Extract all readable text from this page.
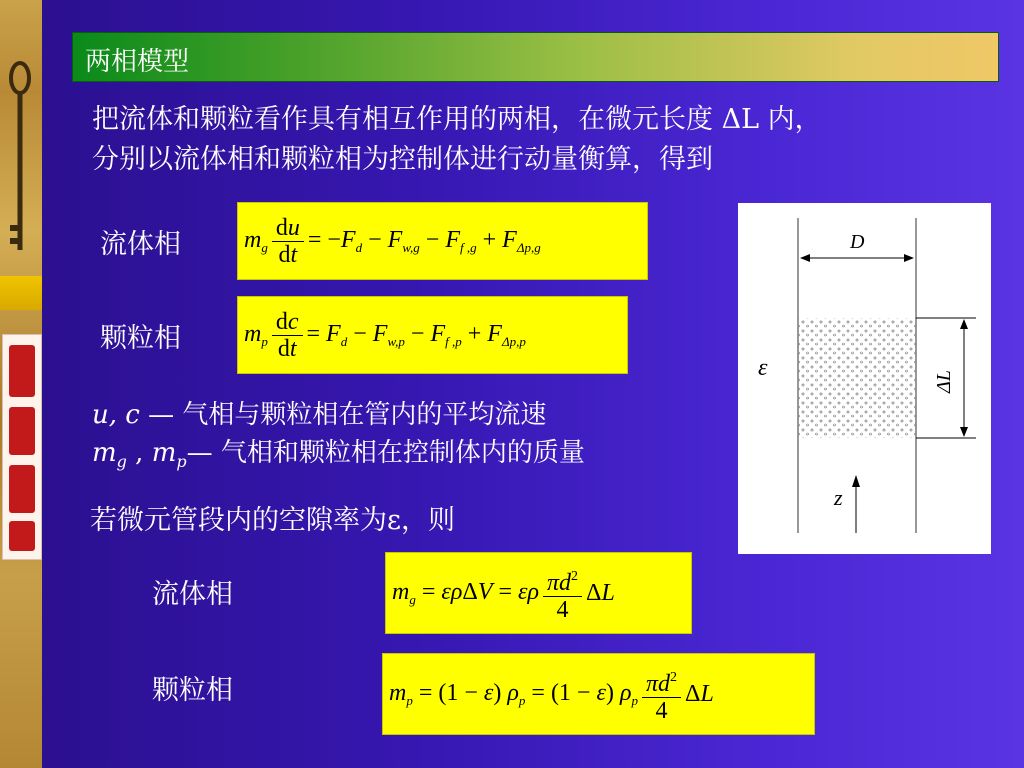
两相模型
把流体和颗粒看作具有相互作用的两相，在微元长度 ΔL 内，
分别以流体相和颗粒相为控制体进行动量衡算，得到
流体相	$m_g \frac{du}{dt} = -F_d - F_{w,g} - F_{f ,g} + F_{\Delta p,g}$
颗粒相	$m_p \frac{dc}{dt} = F_d - F_{w,p} - F_{f ,p} + F_{\Delta p,p}$
u, c — 气相与颗粒相在管内的平均流速
$m_g$ , $m_p—$ 气相和颗粒相在控制体内的质量
若微元管段内的空隙率为ε，则
流体相	$m_g = \varepsilon\rho\Delta V = \varepsilon\rho \frac{\pi d^2}{4}$ ΔL
颗粒相	$m_p = (1 - \varepsilon) \rho_p = (1 - \varepsilon)$ $\rho_p \frac{\pi d^2}{4}$ ΔL
D
ε
ΔL
z
